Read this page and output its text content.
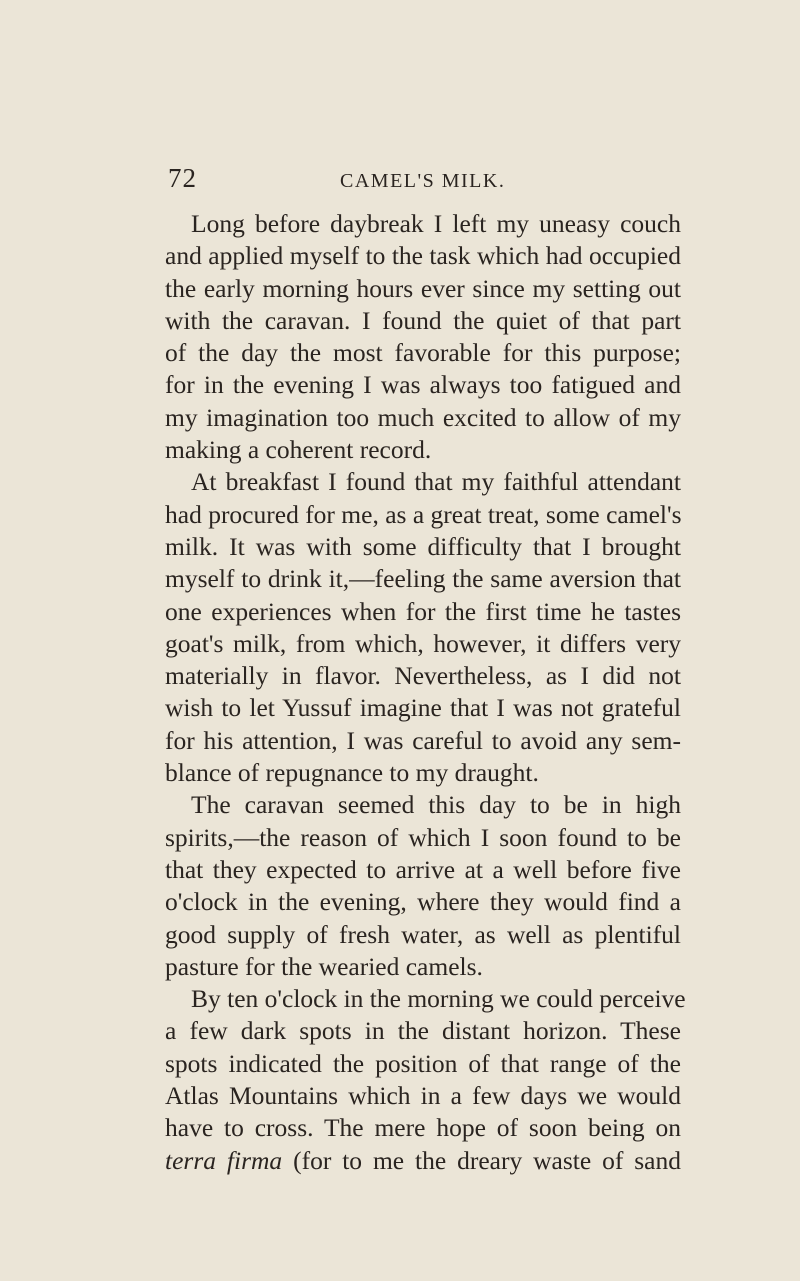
72	CAMEL'S MILK.
Long before daybreak I left my uneasy couch
and applied myself to the task which had occupied
the early morning hours ever since my setting out
with the caravan. I found the quiet of that part
of the day the most favorable for this purpose;
for in the evening I was always too fatigued and
my imagination too much excited to allow of my
making a coherent record.
At breakfast I found that my faithful attendant
had procured for me, as a great treat, some camel's
milk. It was with some difficulty that I brought
myself to drink it,—feeling the same aversion that
one experiences when for the first time he tastes
goat's milk, from which, however, it differs very
materially in flavor. Nevertheless, as I did not
wish to let Yussuf imagine that I was not grateful
for his attention, I was careful to avoid any sem-
blance of repugnance to my draught.
The caravan seemed this day to be in high
spirits,—the reason of which I soon found to be
that they expected to arrive at a well before five
o'clock in the evening, where they would find a
good supply of fresh water, as well as plentiful
pasture for the wearied camels.
By ten o'clock in the morning we could perceive
a few dark spots in the distant horizon. These
spots indicated the position of that range of the
Atlas Mountains which in a few days we would
have to cross. The mere hope of soon being on
terra firma (for to me the dreary waste of sand
